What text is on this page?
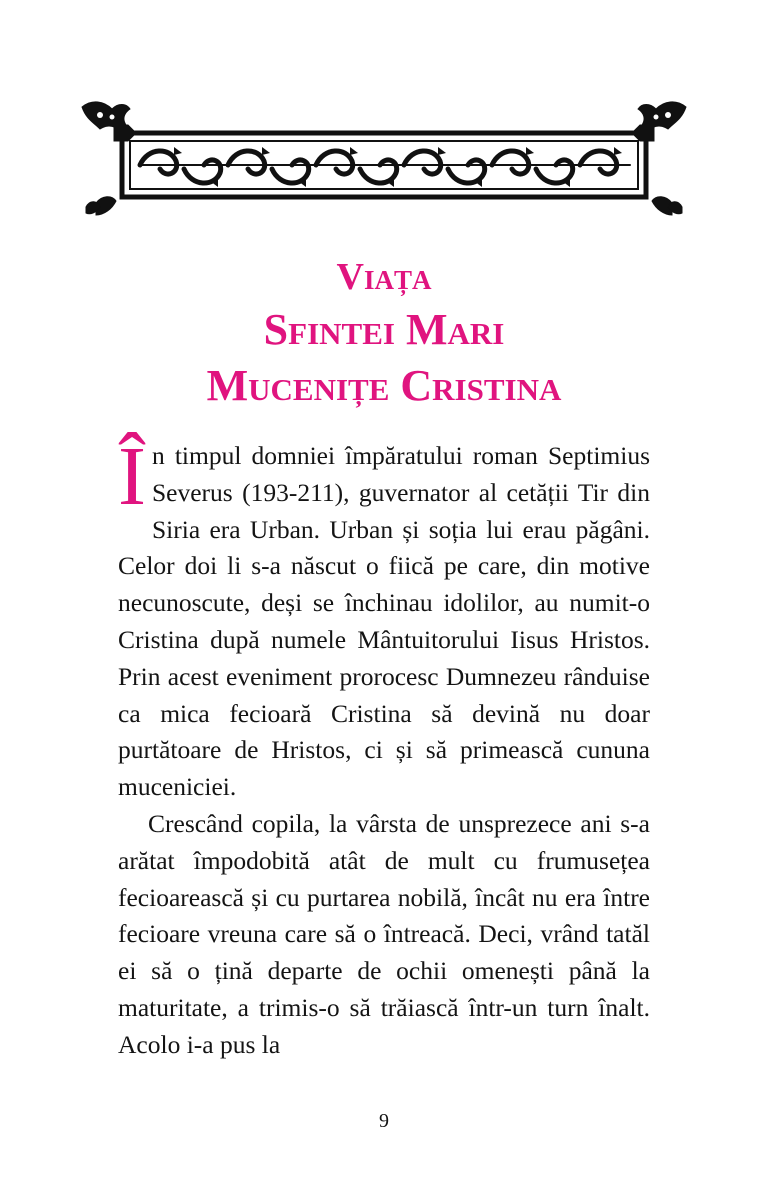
Viața
Sfintei Mari
Mucenițe Cristina

În timpul domniei împăratului roman Septimius Severus (193-211), guvernator al cetății Tir din Siria era Urban. Urban și soția lui erau păgâni. Celor doi li s-a născut o fiică pe care, din motive necunoscute, deși se închinau idolilor, au numit-o Cristina după numele Mântuitorului Iisus Hristos. Prin acest eveniment prorocesc Dumnezeu rânduise ca mica fecioară Cristina să devină nu doar purtătoare de Hristos, ci și să primească cununa muceniciei.

Crescând copila, la vârsta de unsprezece ani s-a arătat împodobită atât de mult cu frumusețea fecioarească și cu purtarea nobilă, încât nu era între fecioare vreuna care să o întreacă. Deci, vrând tatăl ei să o țină departe de ochii omenești până la maturitate, a trimis-o să trăiască într-un turn înalt. Acolo i-a pus la

9
